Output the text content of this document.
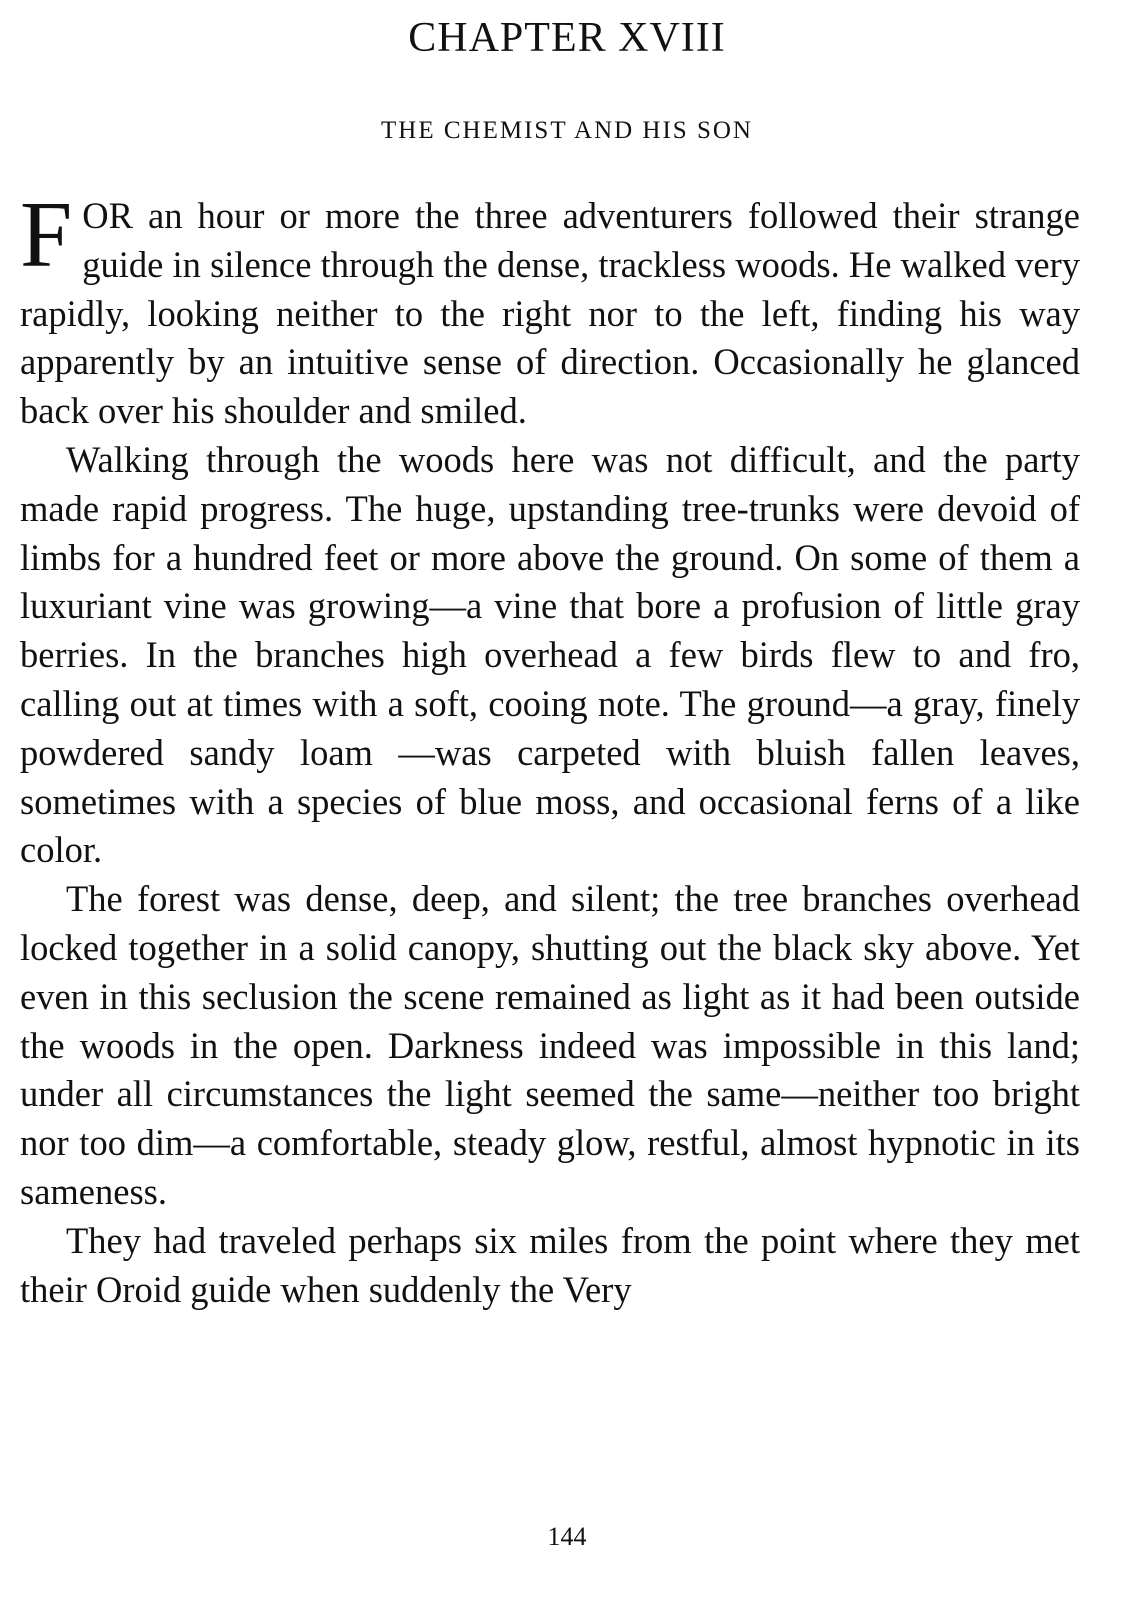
CHAPTER XVIII
THE CHEMIST AND HIS SON

FOR an hour or more the three adventurers followed their strange guide in silence through the dense, trackless woods. He walked very rapidly, looking neither to the right nor to the left, finding his way apparently by an intuitive sense of direction. Occasionally he glanced back over his shoulder and smiled.

Walking through the woods here was not difficult, and the party made rapid progress. The huge, upstanding tree-trunks were devoid of limbs for a hundred feet or more above the ground. On some of them a luxuriant vine was growing—a vine that bore a profusion of little gray berries. In the branches high overhead a few birds flew to and fro, calling out at times with a soft, cooing note. The ground—a gray, finely powdered sandy loam —was carpeted with bluish fallen leaves, sometimes with a species of blue moss, and occasional ferns of a like color.

The forest was dense, deep, and silent; the tree branches overhead locked together in a solid canopy, shutting out the black sky above. Yet even in this seclusion the scene remained as light as it had been outside the woods in the open. Darkness indeed was impossible in this land; under all circumstances the light seemed the same—neither too bright nor too dim—a comfortable, steady glow, restful, almost hypnotic in its sameness.

They had traveled perhaps six miles from the point where they met their Oroid guide when suddenly the Very

144
